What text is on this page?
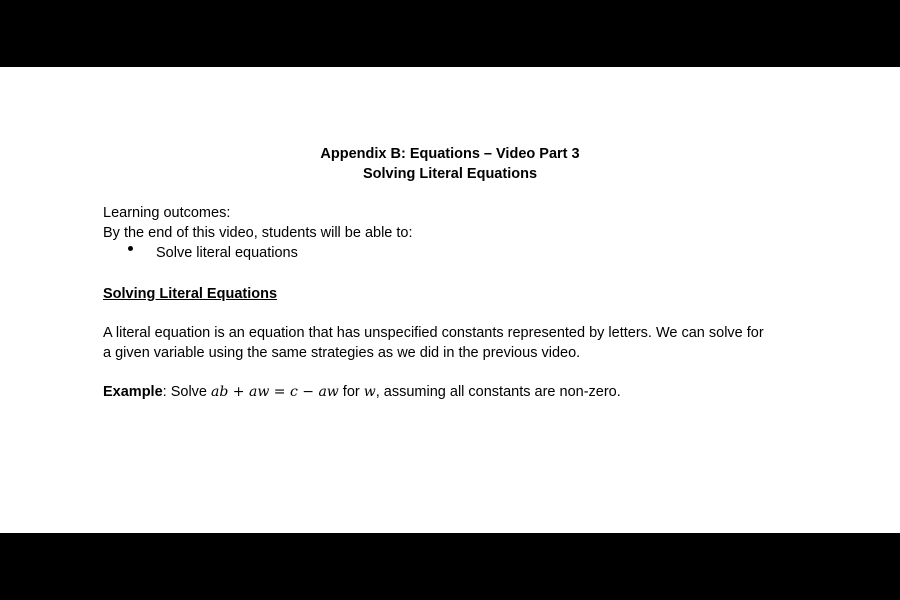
Appendix B: Equations – Video Part 3
Solving Literal Equations
Learning outcomes:
By the end of this video, students will be able to:
Solve literal equations
Solving Literal Equations
A literal equation is an equation that has unspecified constants represented by letters. We can solve for
a given variable using the same strategies as we did in the previous video.
Example: Solve ab + aw = c − aw for w, assuming all constants are non-zero.
